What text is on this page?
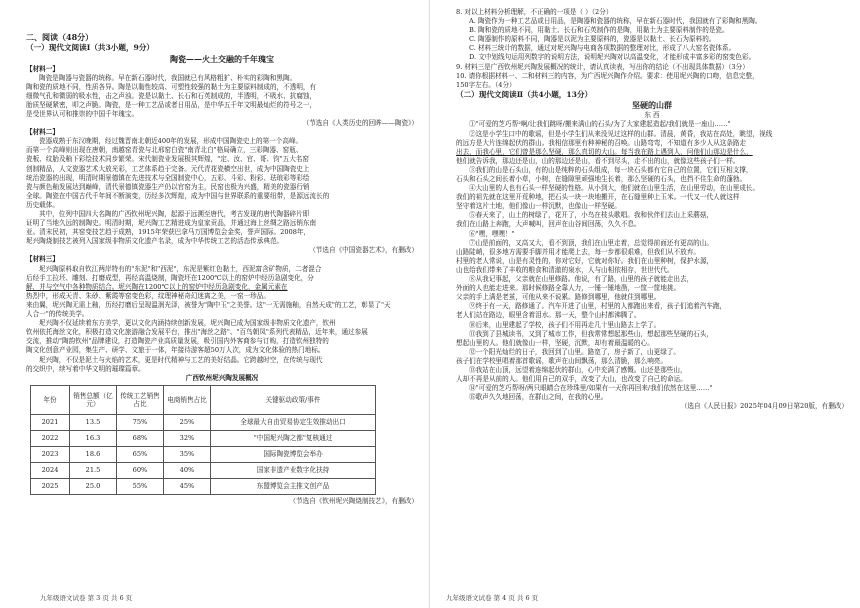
二、阅读（48分）
（一）现代文阅读Ⅰ（共3小题，9分）
陶瓷——火土交融的千年瑰宝
【材料一】
陶瓷是陶器与瓷器的统称。早在新石器时代，我国就已有风格粗犷、朴实的彩陶和黑陶。
陶和瓷的质地不同，性质各异。陶是以黏性较高、可塑性较强的黏土为主要原料制成的，不透明，有
细微气孔和微弱的吸水性，击之声浊。瓷是以黏土、长石和石英制成的，半透明，不吸水、抗腐蚀，
胎质坚硬紧密，叩之声脆。陶瓷，是一种工艺品或者日用品，是中华五千年文明最灿烂的符号之一，
是受世界认可和推崇的中国千年瑰宝。
（节选自《人类历史的回眸——陶瓷》）
【材料二】
瓷器成熟于东汉晚期，经过魏晋南北朝近400年的发展，形成中国陶瓷史上的第一个高峰。
而第一个高峰则出现在唐朝，南越窑青瓷与北邢窑白瓷"南青北白"格局确立，三彩陶器、窑瓶、
瓷板、纹胎及釉下彩绘技术同步繁荣。宋代制瓷业发展极其辉煌，"定、汝、官、哥、钧"五大名窑
创制精品，人文瓷器艺术大放光彩，工艺体系趋于完备。元代青花瓷横空出世，成为中国陶瓷史上
统治瓷器的出现，明清时期景德镇在先进技术与全国制瓷中心，五彩、斗彩、粉彩、珐琅彩等彩绘
瓷与颜色釉发展达到巅峰，清代景德镇瓷器生产仍以官窑为主，民窑也极为兴盛，精美的瓷器行销
全球。陶瓷在中国古代千年间不断演变，历经多次辉煌，成为中国与世界联系的重要纽带，是源远流长的
历史载体。
其中，位列中国四大名陶的广西钦州坭兴陶，起源于远溯至唐代，考古发现的唐代陶器碎片即
证明了当地久远的制陶史。明清时期，坭兴陶工艺精进成为皇家贡品，并通过海上丝绸之路远销东南
亚。清末民初，其窑变技艺趋于成熟，1915年荣获巴拿马万国博览会金奖，誉声国际。2008年，
坭兴陶烧制技艺被列入国家级非物质文化遗产名录，成为中华传统工艺的活态传承典范。
（节选自《中国瓷器艺术》，有删改）
【材料三】
坭兴陶原料取自钦江两岸特有的"东泥"和"西泥"，东泥是紫红色黏土，西泥富含矿物质，二者混合
后经手工拉坯、雕刻、打磨成型，再经高温烧制，陶瓷坯在1200℃以上的窑炉中经历急剧变化，分
解，并与空气中各种物质结合。坭兴陶在1200℃以上的窑炉中经历急剧变化，金属元素在
热烈中，形成天青、朱砂、紫霞等窑变色彩，纹理神秘奇幻迷离之美，一窑一珍品。
来由翼，坭兴陶无需上釉，历经打磨后呈现温润光泽，被誉为"陶中玉"之美誉。这"一无需施釉，自然天成"的工艺，彰显了"天
人合一"的传统美学。
坭兴陶不仅延续着东方美学，更以文化内涵持续创新发展，坭兴陶已成为国家级非物质文化遗产，钦州
钦州依托海丝文化，积极打造文化旅游融合发展平台，推出"海丝之路"、"百鸟朝凤"系列代表精品，近年来，通过参展
交流，推动"陶韵钦州"品牌建设，打造陶瓷产业高质量发展，吸引国内外客商参与订购，打造钦州独特的
陶文化创意产业园，集生产、研学、文旅于一体，年接待游客超50万人次，成为文化体验的热门地标。
坭兴陶，不仅是泥土与火焰的艺术，更是时代精神与工艺的美好结晶。它跨越时空，在传统与现代
的交织中，续写着中华文明的璀璨篇章。
广西钦州坭兴陶发展概况
年份	销售总额（亿元）	传统工艺销售占比	电商销售占比	关键驱动政策/事件
2021	13.5	75%	25%	全球最大自由贸易协定生效推动出口
2022	16.3	68%	32%	"中国坭兴陶之都"复核通过
2023	18.6	65%	35%	国际陶瓷博览会举办
2024	21.5	60%	40%	国家非遗产业数字化扶持
2025	25.0	55%	45%	东盟博览会主推文创产品
（节选自《钦州坭兴陶烧制技艺》，有删改）
九年级语文试卷 第 3 页 共 6 页
8. 对以上材料分析理解，不正确的一项是（ ）（2分）
A. 陶瓷作为一种工艺品或日用品，是陶器和瓷器的统称，早在新石器时代，我国就有了彩陶和黑陶。
B. 陶和瓷的质地不同，用黏土、长石和石英制作的是陶，用黏土为主要原料制作的是瓷。
C. 陶器制作的原料不同，陶器是以泥为主要原料的，瓷器是以黏土、长石为原料的。
C. 材料三统计的数据，通过对坭兴陶与电商各项数据的整理对比，形成了八大窑名瓷体系。
D. 文中划线句运用列数字的说明方法，说明坭兴陶对以高温变化，才能形成丰富多彩的窑变色彩。
9. 材料三是广西钦州坭兴陶发展概况的统计，请认真读表，写出你的结论（不出现具体数据）（3分）
10. 请你根据材料一、二和材料三的内容，为广西坭兴陶作介绍。要求：使用坭兴陶的口吻，信息完整，
150字左右。（4分）
（二）现代文阅读Ⅱ（共4小题，13分）
坚硬的山群
东 西
①"可爱的芝巧帮²啊/让我们跳呀/搬来满山的石头/为了大家建起造起/我们就是一座山……"
②这是小学生口中的歌谣，但是小学生们从来没见过这样的山群。清晨，黄昏，我站在高处，眺望，视线
的远方是大片连绵起伏的群山。我相信那里有种神秘的召唤。山路弯弯，不知道有多少人从这条路走
出去，而我心里，它们曾是那么坚硬，那么真切的大山。每当我在路上遇到人，问他们山那边是什么，
他们就告诉我，那边还是山，山的那边还是山，看不到尽头，走不出的山，就像这些孩子们一样。
③我们的山是石头山，有的山是纯粹的石头组成，每一块石头都有它自己的位置，它们互相支撑，
石头和石头之间长着小草，小树，在缝隙里顽强地生长着，那么坚硬的石头，也挡不住生命的蓬勃。
④大山里的人也有石头一样坚硬的性格。从小到大，他们就在山里生活，在山里劳动，在山里成长。
我们的祖先就在这里开荒种地，把石头一块一块地搬开，在石缝里种上玉米。一代又一代人就这样
坚守着这片土地，他们像山一样沉默，也像山一样坚硬。
⑤春天来了，山上的树绿了，花开了，小鸟在枝头歌唱。我和伙伴们去山上采蘑菇，
我们在山路上奔跑，大声喊叫，回声在山谷间回荡，久久不息。
⑥"嘿，嘿嘿！"
⑦山是前面的，又高又大，看不到顶，我们在山里走着，总觉得前面还有更高的山。
山路陡峭，很多地方需要手脚并用才能爬上去，每一步都很艰难，但我们从不放弃。
村里的老人常说，山是有灵性的，你对它好，它就对你好。我们在山里种树，保护水源，
山也给我们带来了丰收的粮食和清澈的泉水，人与山相依相存，世世代代。
⑧从我记事起，父亲就在山里修路。他说，有了路，山里的孩子就能走出去，
外面的人也能走进来。那时候修路全靠人力，一锤一锤地凿，一筐一筐地挑。
父亲的手上满是老茧，可他从来不说累。路修到哪里，他就住到哪里。
⑨终于有一天，路修通了。汽车开进了山里，村里的人都跑出来看，孩子们追着汽车跑，
老人们站在路边，眼里含着泪水。那一天，整个山村都沸腾了。
⑩后来，山里建起了学校，孩子们不用再走几十里山路去上学了。
⑪我到了县城读书，又到了城市工作，但我常常想起那些山，想起那些坚硬的石头，
想起山里的人。他们就像山一样，坚硬，沉默，却有着最温暖的心。
⑫一个阳光灿烂的日子，我回到了山里。路宽了，房子新了，山更绿了。
孩子们在学校里唱着那首歌谣，歌声在山间飘荡，那么清脆，那么响亮。
⑬我站在山顶，远望着连绵起伏的群山，心中充满了感慨。山还是那些山，
人却不再是从前的人。他们用自己的双手，改变了大山，也改变了自己的命运。
⑭"可爱的芝巧帮呀/两只眼睛合在珍珠里/如果有一天你再回来/我们依然在这里……"
⑮歌声久久地回荡，在群山之间，在我的心里。
（选自《人民日报》2025年04月09日第20版，有删改）
九年级语文试卷 第 4 页 共 6 页
